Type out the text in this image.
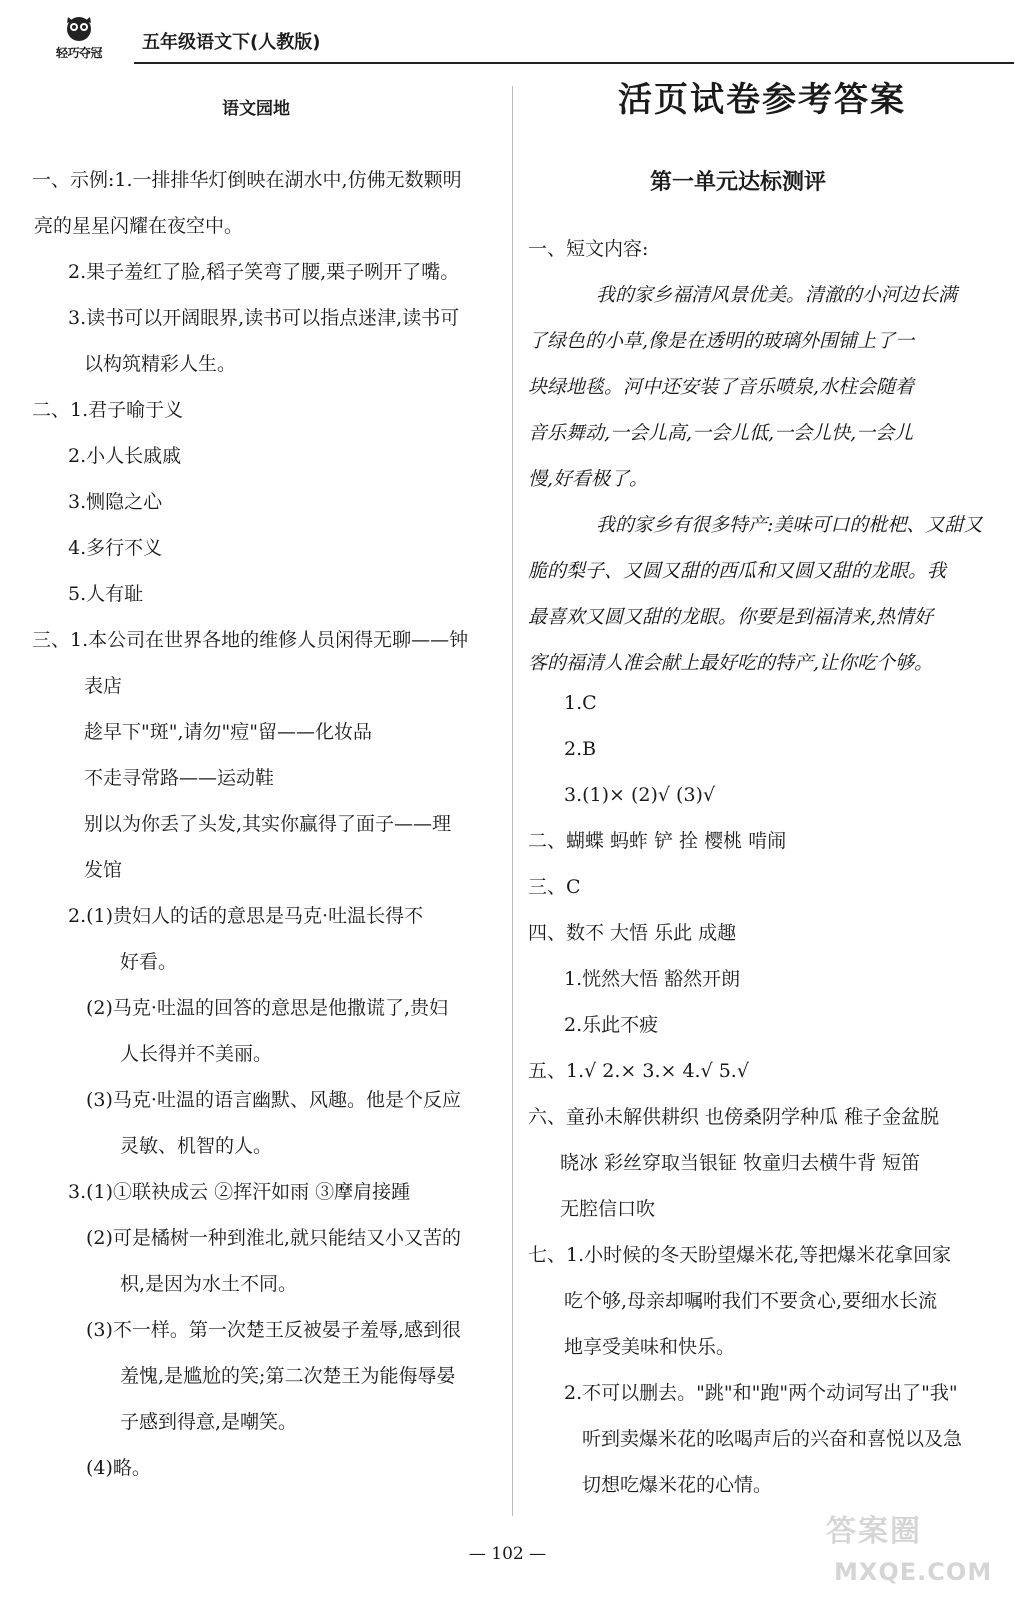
轻巧夺冠	五年级语文下(人教版)
语文园地
一、示例:1.一排排华灯倒映在湖水中,仿佛无数颗明
亮的星星闪耀在夜空中。
2.果子羞红了脸,稻子笑弯了腰,栗子咧开了嘴。
3.读书可以开阔眼界,读书可以指点迷津,读书可
以构筑精彩人生。
二、1.君子喻于义
2.小人长戚戚
3.恻隐之心
4.多行不义
5.人有耻
三、1.本公司在世界各地的维修人员闲得无聊——钟
表店
趁早下"斑",请勿"痘"留——化妆品
不走寻常路——运动鞋
别以为你丢了头发,其实你赢得了面子——理
发馆
2.(1)贵妇人的话的意思是马克·吐温长得不
好看。
(2)马克·吐温的回答的意思是他撒谎了,贵妇
人长得并不美丽。
(3)马克·吐温的语言幽默、风趣。他是个反应
灵敏、机智的人。
3.(1)①联袂成云 ②挥汗如雨 ③摩肩接踵
(2)可是橘树一种到淮北,就只能结又小又苦的
枳,是因为水土不同。
(3)不一样。第一次楚王反被晏子羞辱,感到很
羞愧,是尴尬的笑;第二次楚王为能侮辱晏
子感到得意,是嘲笑。
(4)略。
活页试卷参考答案
第一单元达标测评
一、短文内容:
我的家乡福清风景优美。清澈的小河边长满
了绿色的小草,像是在透明的玻璃外围铺上了一
块绿地毯。河中还安装了音乐喷泉,水柱会随着
音乐舞动,一会儿高,一会儿低,一会儿快,一会儿
慢,好看极了。
我的家乡有很多特产:美味可口的枇杷、又甜又
脆的梨子、又圆又甜的西瓜和又圆又甜的龙眼。我
最喜欢又圆又甜的龙眼。你要是到福清来,热情好
客的福清人准会献上最好吃的特产,让你吃个够。
1.C
2.B
3.(1)× (2)√ (3)√
二、蝴蝶 蚂蚱 铲 拴 樱桃 啃闹
三、C
四、数不 大悟 乐此 成趣
1.恍然大悟 豁然开朗
2.乐此不疲
五、1.√ 2.× 3.× 4.√ 5.√
六、童孙未解供耕织 也傍桑阴学种瓜 稚子金盆脱
晓冰 彩丝穿取当银钲 牧童归去横牛背 短笛
无腔信口吹
七、1.小时候的冬天盼望爆米花,等把爆米花拿回家
吃个够,母亲却嘱咐我们不要贪心,要细水长流
地享受美味和快乐。
2.不可以删去。"跳"和"跑"两个动词写出了"我"
听到卖爆米花的吆喝声后的兴奋和喜悦以及急
切想吃爆米花的心情。
— 102 —
答案圈
MXQE.COM
